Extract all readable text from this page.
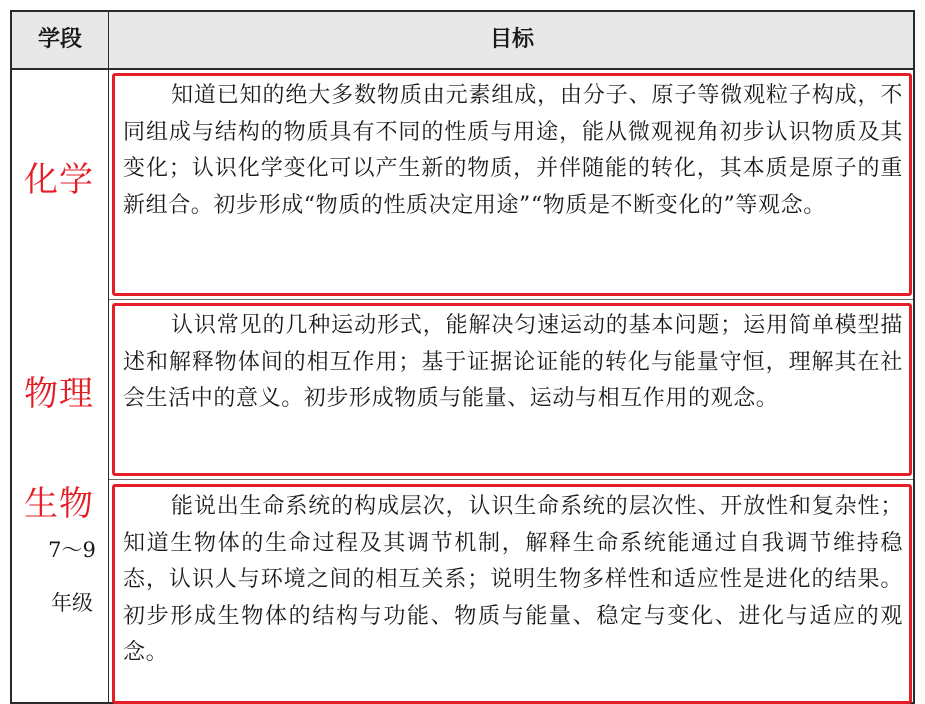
学段	目标

知道已知的绝大多数物质由元素组成，由分子、原子等微观粒子构成，不同组成与结构的物质具有不同的性质与用途，能从微观视角初步认识物质及其变化；认识化学变化可以产生新的物质，并伴随能的转化，其本质是原子的重新组合。初步形成“物质的性质决定用途”“物质是不断变化的”等观念。

认识常见的几种运动形式，能解决匀速运动的基本问题；运用简单模型描述和解释物体间的相互作用；基于证据论证能的转化与能量守恒，理解其在社会生活中的意义。初步形成物质与能量、运动与相互作用的观念。

能说出生命系统的构成层次，认识生命系统的层次性、开放性和复杂性；知道生物体的生命过程及其调节机制，解释生命系统能通过自我调节维持稳态，认识人与环境之间的相互关系；说明生物多样性和适应性是进化的结果。初步形成生物体的结构与功能、物质与能量、稳定与变化、进化与适应的观念。

7～9
年级
化学
物理
生物
